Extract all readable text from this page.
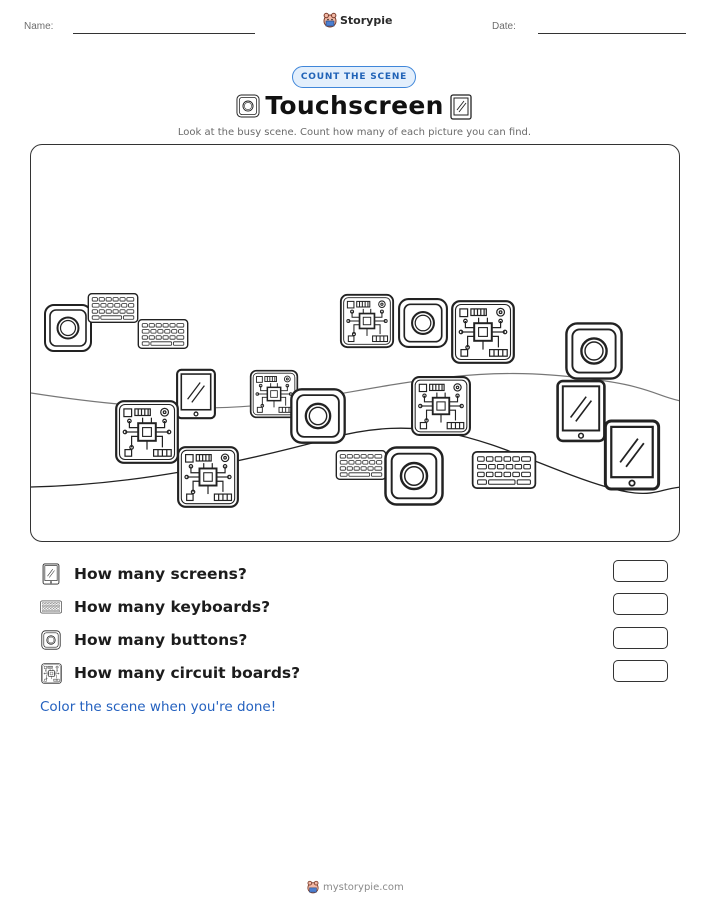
Name:	Storypie	Date:
COUNT THE SCENE
Touchscreen
Look at the busy scene. Count how many of each picture you can find.
How many screens?
How many keyboards?
How many buttons?
How many circuit boards?
Color the scene when you're done!
mystorypie.com
